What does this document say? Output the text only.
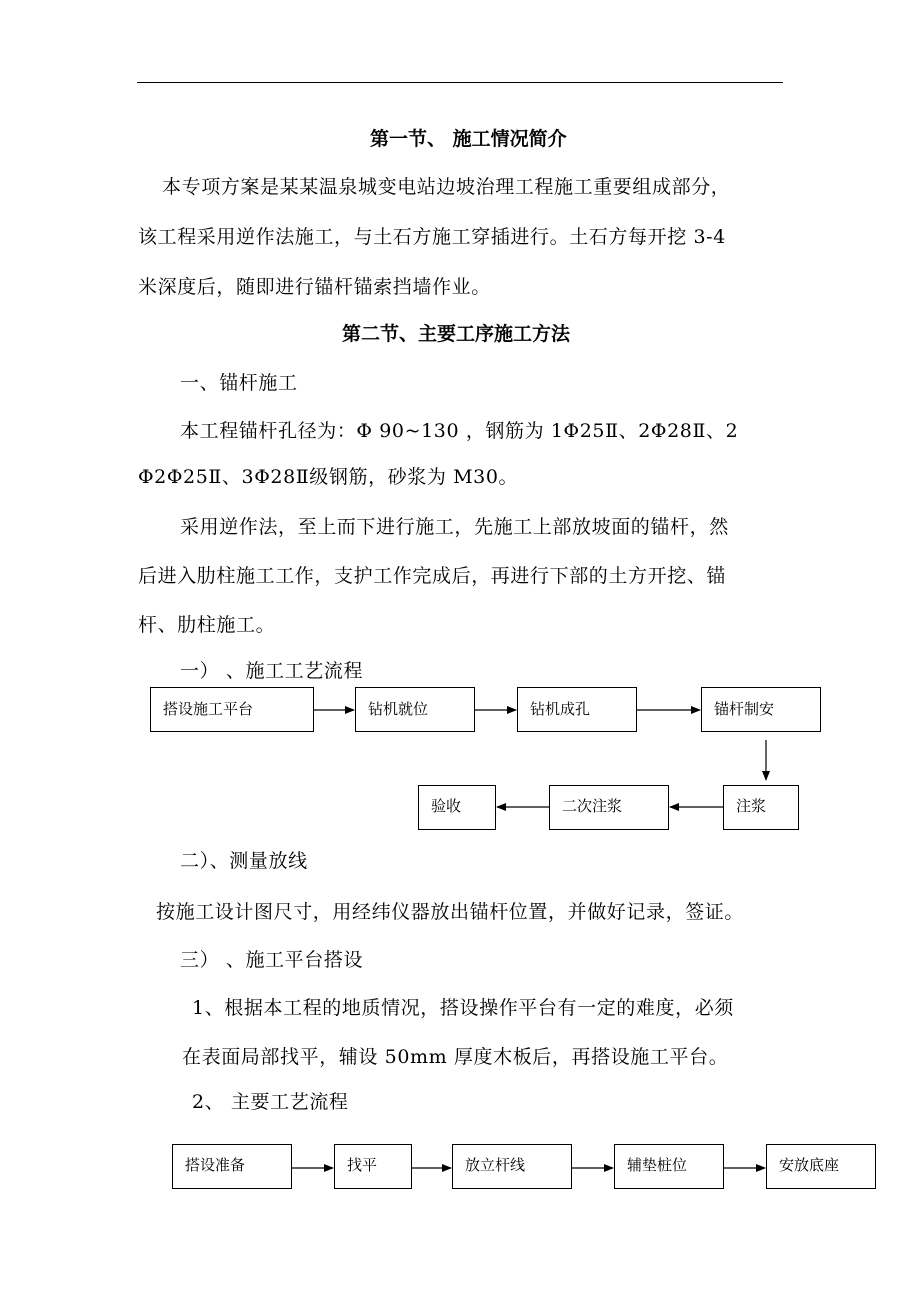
第一节、 施工情况简介
本专项方案是某某温泉城变电站边坡治理工程施工重要组成部分，
该工程采用逆作法施工，与土石方施工穿插进行。土石方每开挖 3-4
米深度后，随即进行锚杆锚索挡墙作业。
第二节、主要工序施工方法
一、锚杆施工
本工程锚杆孔径为：Φ 90~130 ，钢筋为 1Φ25Ⅱ、2Φ28Ⅱ、2
Φ2Φ25Ⅱ、3Φ28Ⅱ级钢筋，砂浆为 M30。
采用逆作法，至上而下进行施工，先施工上部放坡面的锚杆，然
后进入肋柱施工工作，支护工作完成后，再进行下部的土方开挖、锚
杆、肋柱施工。
一） 、施工工艺流程
搭设施工平台	钻机就位	钻机成孔	锚杆制安
注浆
二次注浆
验收
二）、测量放线
按施工设计图尺寸，用经纬仪器放出锚杆位置，并做好记录，签证。
三） 、施工平台搭设
1、根据本工程的地质情况，搭设操作平台有一定的难度，必须
在表面局部找平，辅设 50mm 厚度木板后，再搭设施工平台。
2、 主要工艺流程
搭设准备	找平	放立杆线	辅垫桩位	安放底座
